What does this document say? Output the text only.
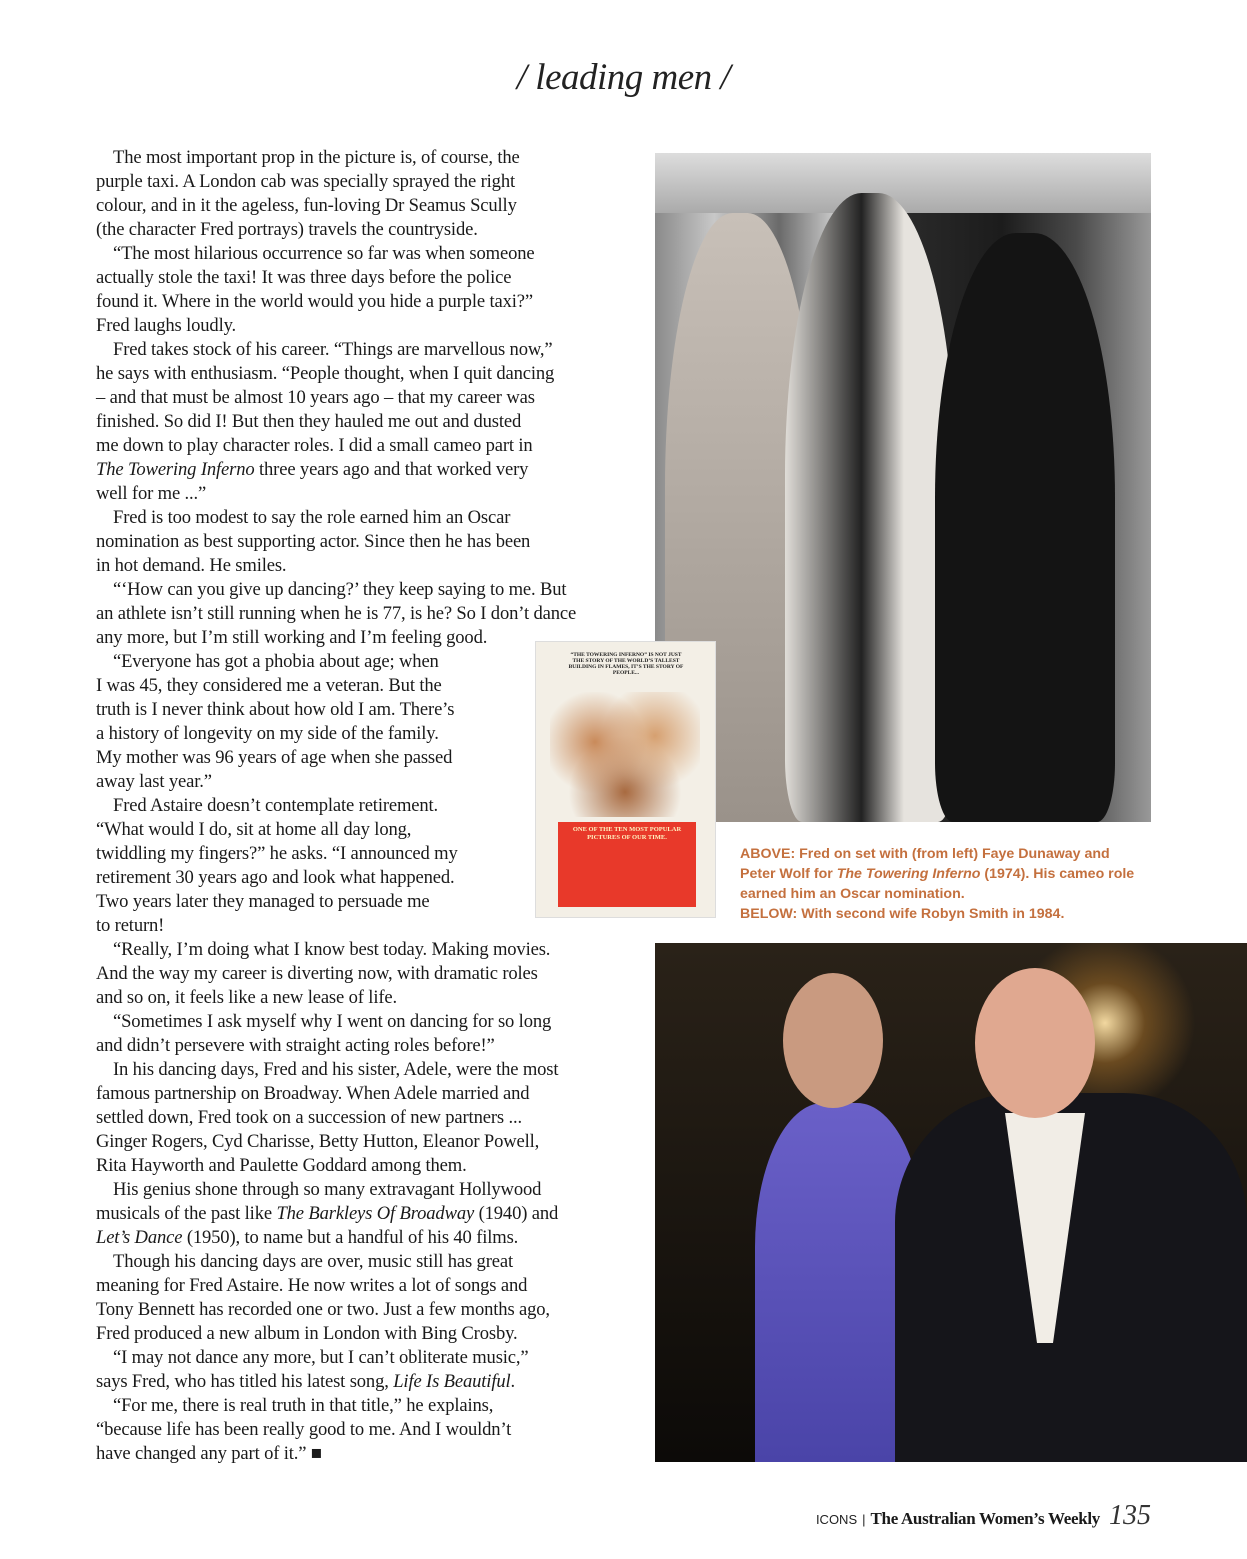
/ leading men /
The most important prop in the picture is, of course, the
purple taxi. A London cab was specially sprayed the right
colour, and in it the ageless, fun-loving Dr Seamus Scully
(the character Fred portrays) travels the countryside.
“The most hilarious occurrence so far was when someone
actually stole the taxi! It was three days before the police
found it. Where in the world would you hide a purple taxi?”
Fred laughs loudly.
Fred takes stock of his career. “Things are marvellous now,”
he says with enthusiasm. “People thought, when I quit dancing
– and that must be almost 10 years ago – that my career was
finished. So did I! But then they hauled me out and dusted
me down to play character roles. I did a small cameo part in
The Towering Inferno three years ago and that worked very
well for me ...”
Fred is too modest to say the role earned him an Oscar
nomination as best supporting actor. Since then he has been
in hot demand. He smiles.
“‘How can you give up dancing?’ they keep saying to me. But
an athlete isn’t still running when he is 77, is he? So I don’t dance
any more, but I’m still working and I’m feeling good.
“Everyone has got a phobia about age; when
I was 45, they considered me a veteran. But the
truth is I never think about how old I am. There’s
a history of longevity on my side of the family.
My mother was 96 years of age when she passed
away last year.”
Fred Astaire doesn’t contemplate retirement.
“What would I do, sit at home all day long,
twiddling my fingers?” he asks. “I announced my
retirement 30 years ago and look what happened.
Two years later they managed to persuade me
to return!
“Really, I’m doing what I know best today. Making movies.
And the way my career is diverting now, with dramatic roles
and so on, it feels like a new lease of life.
“Sometimes I ask myself why I went on dancing for so long
and didn’t persevere with straight acting roles before!”
In his dancing days, Fred and his sister, Adele, were the most
famous partnership on Broadway. When Adele married and
settled down, Fred took on a succession of new partners ...
Ginger Rogers, Cyd Charisse, Betty Hutton, Eleanor Powell,
Rita Hayworth and Paulette Goddard among them.
His genius shone through so many extravagant Hollywood
musicals of the past like The Barkleys Of Broadway (1940) and
Let’s Dance (1950), to name but a handful of his 40 films.
Though his dancing days are over, music still has great
meaning for Fred Astaire. He now writes a lot of songs and
Tony Bennett has recorded one or two. Just a few months ago,
Fred produced a new album in London with Bing Crosby.
“I may not dance any more, but I can’t obliterate music,”
says Fred, who has titled his latest song, Life Is Beautiful.
“For me, there is real truth in that title,” he explains,
“because life has been really good to me. And I wouldn’t
have changed any part of it.” ■
“THE TOWERING INFERNO” IS NOT JUST THE STORY OF THE WORLD’S TALLEST BUILDING IN FLAMES, IT’S THE STORY OF PEOPLE...
ONE OF THE TEN MOST POPULAR PICTURES OF OUR TIME.
ABOVE: Fred on set with (from left) Faye Dunaway and Peter Wolf for The Towering Inferno (1974). His cameo role earned him an Oscar nomination.
BELOW: With second wife Robyn Smith in 1984.
ICONS | The Australian Women’s Weekly 135
